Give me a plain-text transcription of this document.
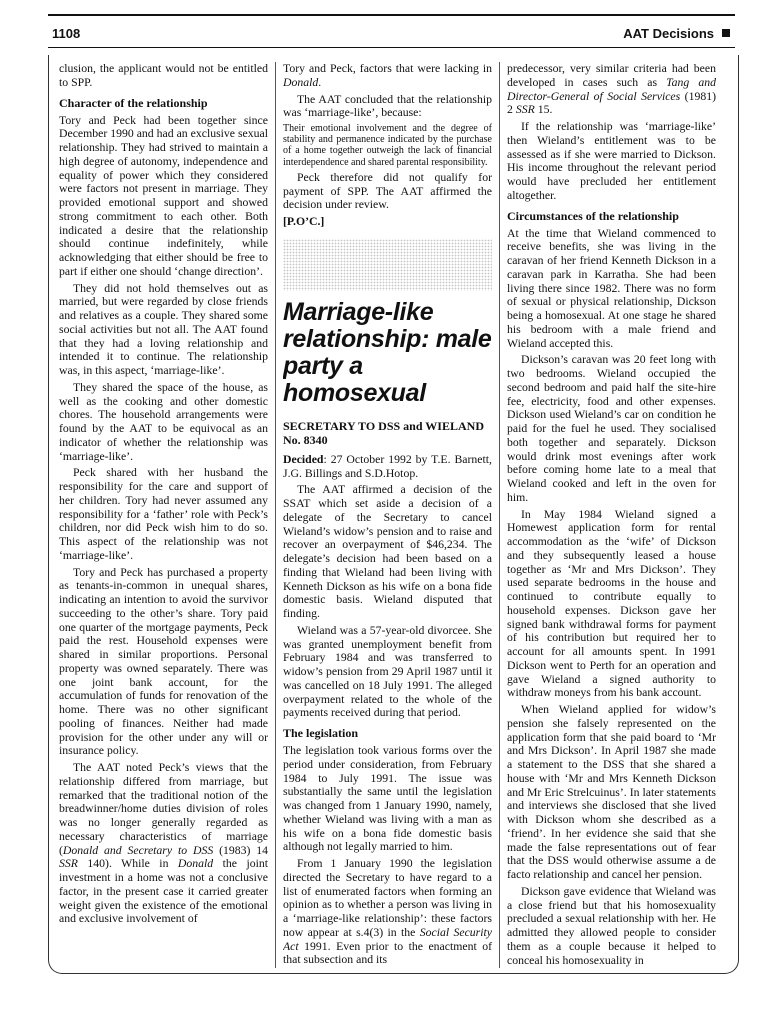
1108	AAT Decisions

clusion, the applicant would not be entitled to SPP.

Character of the relationship

Tory and Peck had been together since December 1990 and had an exclusive sexual relationship. They had strived to maintain a high degree of autonomy, independence and equality of power which they considered were factors not present in marriage. They provided emotional support and showed strong commitment to each other. Both indicated a desire that the relationship should continue indefinitely, while acknowledging that either should be free to part if either one should ‘change direction’.

They did not hold themselves out as married, but were regarded by close friends and relatives as a couple. They shared some social activities but not all. The AAT found that they had a loving relationship and intended it to continue. The relationship was, in this aspect, ‘marriage-like’.

They shared the space of the house, as well as the cooking and other domestic chores. The household arrangements were found by the AAT to be equivocal as an indicator of whether the relationship was ‘marriage-like’.

Peck shared with her husband the responsibility for the care and support of her children. Tory had never assumed any responsibility for a ‘father’ role with Peck’s children, nor did Peck wish him to do so. This aspect of the relationship was not ‘marriage-like’.

Tory and Peck has purchased a property as tenants-in-common in unequal shares, indicating an intention to avoid the survivor succeeding to the other’s share. Tory paid one quarter of the mortgage payments, Peck paid the rest. Household expenses were shared in similar proportions. Personal property was owned separately. There was one joint bank account, for the accumulation of funds for renovation of the home. There was no other significant pooling of finances. Neither had made provision for the other under any will or insurance policy.

The AAT noted Peck’s views that the relationship differed from marriage, but remarked that the traditional notion of the breadwinner/home duties division of roles was no longer generally regarded as necessary characteristics of marriage (Donald and Secretary to DSS (1983) 14 SSR 140). While in Donald the joint investment in a home was not a conclusive factor, in the present case it carried greater weight given the existence of the emotional and exclusive involvement of

Tory and Peck, factors that were lacking in Donald.

The AAT concluded that the relationship was ‘marriage-like’, because:

Their emotional involvement and the degree of stability and permanence indicated by the purchase of a home together outweigh the lack of financial interdependence and shared parental responsibility.

Peck therefore did not qualify for payment of SPP. The AAT affirmed the decision under review.

[P.O’C.]

Marriage-like relationship: male party a homosexual
SECRETARY TO DSS and WIELAND No. 8340

Decided: 27 October 1992 by T.E. Barnett, J.G. Billings and S.D.Hotop.

The AAT affirmed a decision of the SSAT which set aside a decision of a delegate of the Secretary to cancel Wieland’s widow’s pension and to raise and recover an overpayment of $46,234. The delegate’s decision had been based on a finding that Wieland had been living with Kenneth Dickson as his wife on a bona fide domestic basis. Wieland disputed that finding.

Wieland was a 57-year-old divorcee. She was granted unemployment benefit from February 1984 and was transferred to widow’s pension from 29 April 1987 until it was cancelled on 18 July 1991. The alleged overpayment related to the whole of the payments received during that period.

The legislation

The legislation took various forms over the period under consideration, from February 1984 to July 1991. The issue was substantially the same until the legislation was changed from 1 January 1990, namely, whether Wieland was living with a man as his wife on a bona fide domestic basis although not legally married to him.

From 1 January 1990 the legislation directed the Secretary to have regard to a list of enumerated factors when forming an opinion as to whether a person was living in a ‘marriage-like relationship’: these factors now appear at s.4(3) in the Social Security Act 1991. Even prior to the enactment of that subsection and its

predecessor, very similar criteria had been developed in cases such as Tang and Director-General of Social Services (1981) 2 SSR 15.

If the relationship was ‘marriage-like’ then Wieland’s entitlement was to be assessed as if she were married to Dickson. His income throughout the relevant period would have precluded her entitlement altogether.

Circumstances of the relationship

At the time that Wieland commenced to receive benefits, she was living in the caravan of her friend Kenneth Dickson in a caravan park in Karratha. She had been living there since 1982. There was no form of sexual or physical relationship, Dickson being a homosexual. At one stage he shared his bedroom with a male friend and Wieland accepted this.

Dickson’s caravan was 20 feet long with two bedrooms. Wieland occupied the second bedroom and paid half the site-hire fee, electricity, food and other expenses. Dickson used Wieland’s car on condition he paid for the fuel he used. They socialised both together and separately. Dickson would drink most evenings after work before coming home late to a meal that Wieland cooked and left in the oven for him.

In May 1984 Wieland signed a Homewest application form for rental accommodation as the ‘wife’ of Dickson and they subsequently leased a house together as ‘Mr and Mrs Dickson’. They used separate bedrooms in the house and continued to contribute equally to household expenses. Dickson gave her signed bank withdrawal forms for payment of his contribution but required her to account for all amounts spent. In 1991 Dickson went to Perth for an operation and gave Wieland a signed authority to withdraw moneys from his bank account.

When Wieland applied for widow’s pension she falsely represented on the application form that she paid board to ‘Mr and Mrs Dickson’. In April 1987 she made a statement to the DSS that she shared a house with ‘Mr and Mrs Kenneth Dickson and Mr Eric Strelcuinus’. In later statements and interviews she disclosed that she lived with Dickson whom she described as a ‘friend’. In her evidence she said that she made the false representations out of fear that the DSS would otherwise assume a de facto relationship and cancel her pension.

Dickson gave evidence that Wieland was a close friend but that his homosexuality precluded a sexual relationship with her. He admitted they allowed people to consider them as a couple because it helped to conceal his homosexuality in
